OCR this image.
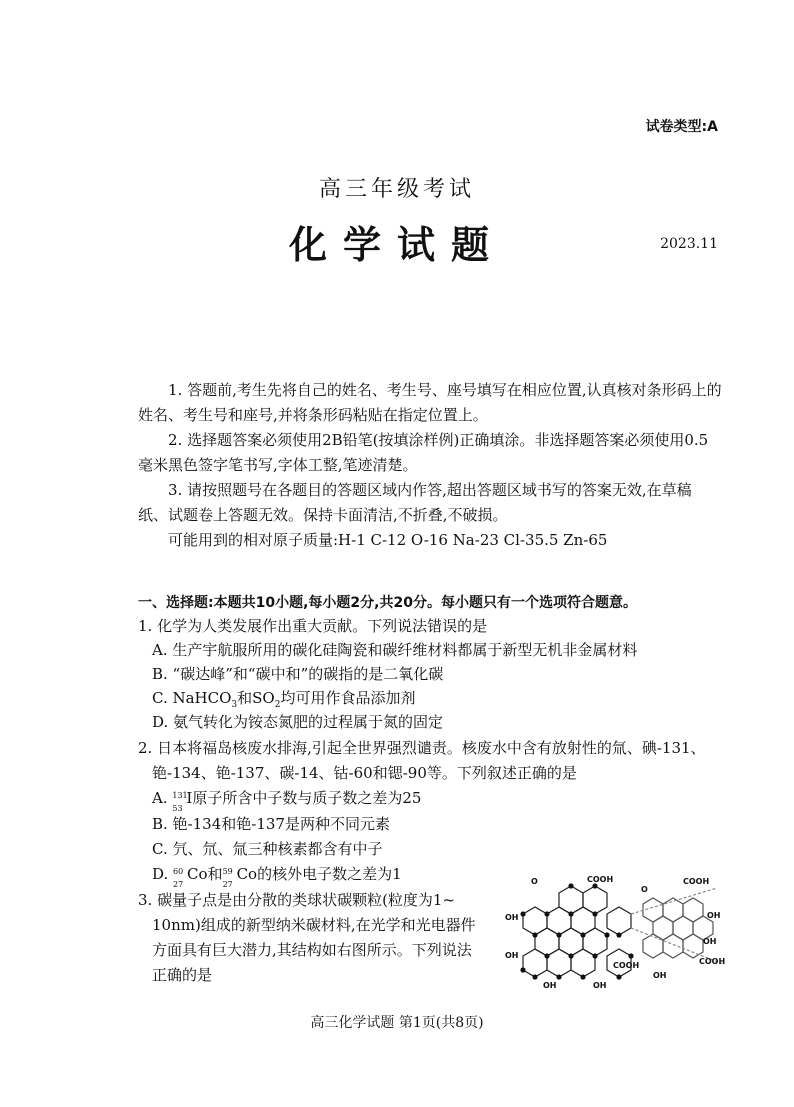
试卷类型:A
高三年级考试
化学试题	2023.11
1. 答题前,考生先将自己的姓名、考生号、座号填写在相应位置,认真核对条形码上的
姓名、考生号和座号,并将条形码粘贴在指定位置上。
2. 选择题答案必须使用2B铅笔(按填涂样例)正确填涂。非选择题答案必须使用0.5
毫米黑色签字笔书写,字体工整,笔迹清楚。
3. 请按照题号在各题目的答题区域内作答,超出答题区域书写的答案无效,在草稿
纸、试题卷上答题无效。保持卡面清洁,不折叠,不破损。
可能用到的相对原子质量:H-1 C-12 O-16 Na-23 Cl-35.5 Zn-65
一、选择题:本题共10小题,每小题2分,共20分。每小题只有一个选项符合题意。
1. 化学为人类发展作出重大贡献。下列说法错误的是
A. 生产宇航服所用的碳化硅陶瓷和碳纤维材料都属于新型无机非金属材料
B. “碳达峰”和“碳中和”的碳指的是二氧化碳
C. NaHCO$_3$和$SO_2$均可用作食品添加剂
D. 氨气转化为铵态氮肥的过程属于氮的固定
2. 日本将福岛核废水排海,引起全世界强烈谴责。核废水中含有放射性的氚、碘-131、
铯-134、铯-137、碳-14、钴-60和锶-90等。下列叙述正确的是
A. 131
53
I原子所含中子数与质子数之差为25
B. 铯-134和铯-137是两种不同元素
C. 氕、氘、氚三种核素都含有中子
D. 60
27
Co和 59
27
Co的核外电子数之差为1
3. 碳量子点是由分散的类球状碳颗粒(粒度为1~
10nm)组成的新型纳米碳材料,在光学和光电器件
方面具有巨大潜力,其结构如右图所示。下列说法
正确的是
COOH	COOH
COOH	COOH
OH
OH
OH	OH
OH
OH
O
O
OH
高三化学试题 第1页(共8页)
